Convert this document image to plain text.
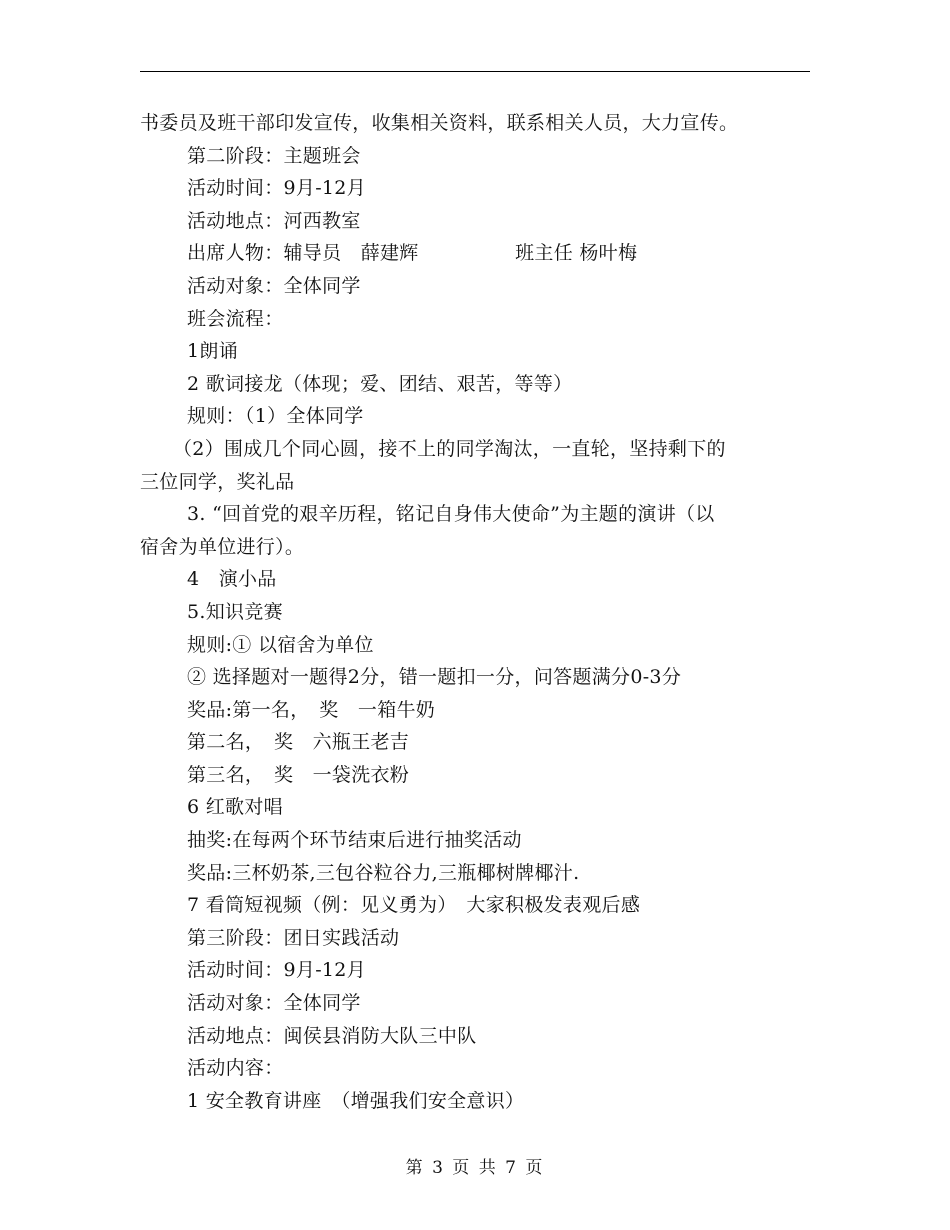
书委员及班干部印发宣传，收集相关资料，联系相关人员，大力宣传。
第二阶段：主题班会
活动时间：9月-12月
活动地点：河西教室
出席人物：辅导员　薛建辉　　　　　班主任 杨叶梅
活动对象：全体同学
班会流程：
1朗诵
2 歌词接龙（体现；爱、团结、艰苦，等等）
规则：（1）全体同学
（2）围成几个同心圆，接不上的同学淘汰，一直轮，坚持剩下的
三位同学，奖礼品
3. “回首党的艰辛历程，铭记自身伟大使命”为主题的演讲（以
宿舍为单位进行）。
4　演小品
5.知识竞赛
规则:① 以宿舍为单位
② 选择题对一题得2分，错一题扣一分，问答题满分0-3分
奖品:第一名，　奖　一箱牛奶
第二名，　奖　六瓶王老吉
第三名，　奖　一袋洗衣粉
6 红歌对唱
抽奖:在每两个环节结束后进行抽奖活动
奖品:三杯奶茶,三包谷粒谷力,三瓶椰树牌椰汁.
7 看筒短视频（例：见义勇为）　大家积极发表观后感
第三阶段：团日实践活动
活动时间：9月-12月
活动对象：全体同学
活动地点：闽侯县消防大队三中队
活动内容：
1 安全教育讲座　（增强我们安全意识）
第 3 页 共 7 页
